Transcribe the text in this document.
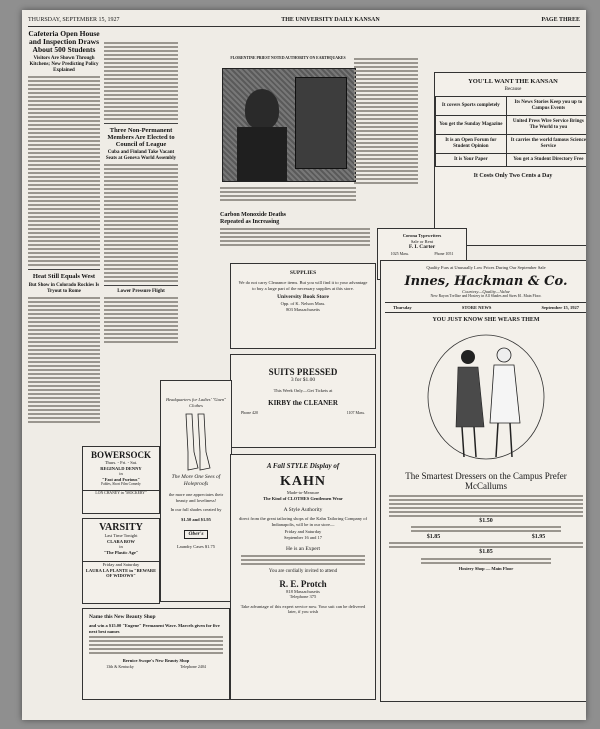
THURSDAY, SEPTEMBER 15, 1927	THE UNIVERSITY DAILY KANSAN	PAGE THREE
Cafeteria Open House and Inspection Draws About 500 Students
Visitors Are Shown Through Kitchens; New Predicting Policy Explained
Heat Still Equals West
But Show in Colorado Rockies Is Tryout to Rome
Three Non-Permanent Members Are Elected to Council of League
Cuba and Finland Take Vacant Seats at Geneva World Assembly
Lower Pressure Flight
FLORENTINE PRIEST NOTED AUTHORITY ON EARTHQUAKES
Carbon Monoxide Deaths Repeated as Increasing
YOU'LL WANT THE KANSAN
Because
It covers Sports completely	Its News Stories Keep you up to Campus Events
You get the Sunday Magazine	United Press Wire Service Brings The World to you
It is an Open Forum for Student Opinion	It carries the world famous Science Service
It is Your Paper	You get a Student Directory Free
It Costs Only Two Cents a Day
Corona Typewriters
Sale or Rent
F. I. Carter
1025 Mass.	Phone 1051
SUPPLIES
We do not carry Clearance items. But you will find it to your advantage to buy a large part of the necessary supplies at this store.
University Book Store
Opp. of K. Nelson Mass.
803 Massachusetts
SUITS PRESSED
3 for $1.00
This Week Only—Get Tickets at
KIRBY the CLEANER
Phone 420	1107 Mass.
Headquarters for Ladies' "Gaen" Clothes
The More One Sees of Holeproofs
the more one appreciates their beauty and loveliness!
In our full shades created by
$1.50 and $1.95
Ober's
Laundry Cases $1.75
BOWERSOCK
Thurs. - Fri. - Sat.
REGINALD DENNY
in
"Fast and Furious"
Fables, Short Film Comedy
LON CHANEY in "MOCKERY"
VARSITY
Last Time Tonight
CLARA BOW
in
"The Plastic Age"
Friday and Saturday
LAURA LA PLANTE in "BEWARE OF WIDOWS"
Name this New Beauty Shop
and win a $15.00 "Eugene" Permanent Wave. Marcels given for five next best names
Bernice Swope's New Beauty Shop
13th & Kentucky	Telephone 2404
A Fall STYLE Display of
KAHN
Made-to-Measure
The Kind of CLOTHES Gentlemen Wear
A Style Authority
direct from the great tailoring shops of the Kahn Tailoring Company of Indianapolis, will be in our store—
Friday and Saturday
September 16 and 17
He is an Expert
You are cordially invited to attend
R. E. Protch
818 Massachusetts
Telephone 375
Take advantage of this expert service now. Your suit can be delivered later, if you wish
Quality Furs at Unusually Low Prices During Our September Sale
Innes, Hackman & Co.
Courtesy—Quality—Value
New Rayon Trellise and Hosiery in All Shades and Sizes $1. Main Floor.
Thursday	STORE NEWS	September 15, 1927
YOU JUST KNOW SHE WEARS THEM
The Smartest Dressers on the Campus Prefer McCallums
$1.50
$1.85	$1.95
$1.85
Hosiery Shop — Main Floor
